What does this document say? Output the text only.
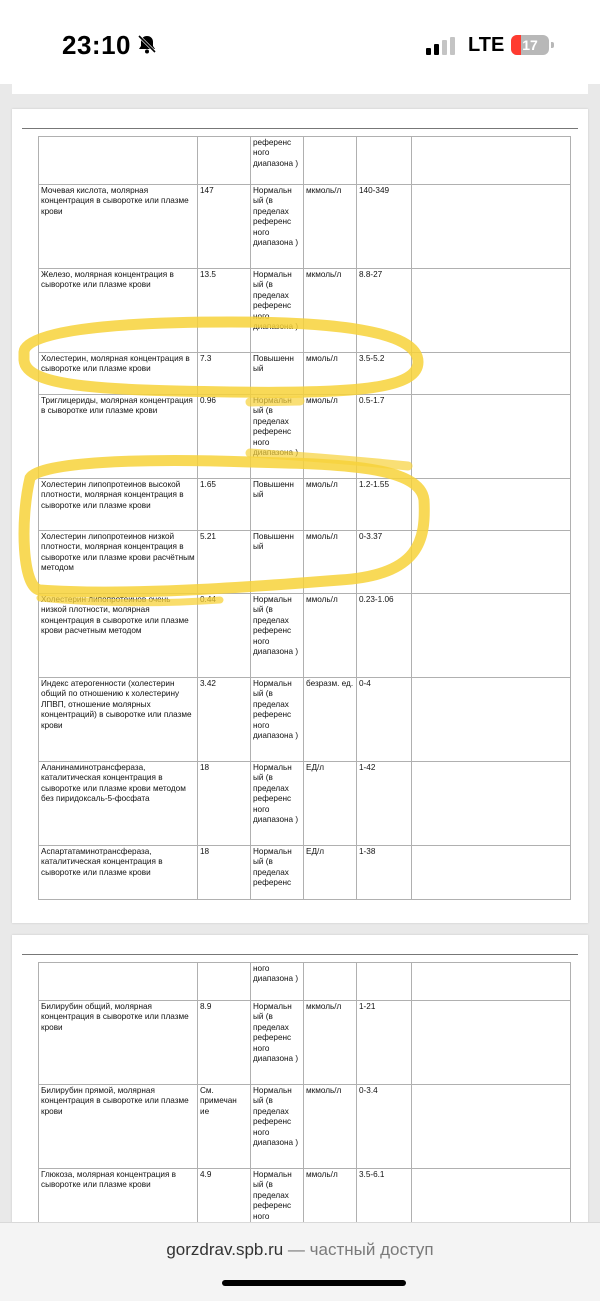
23:10	LTE	17
		референс ного диапазона )			
Мочевая кислота, молярная концентрация в сыворотке или плазме крови	147	Нормальн ый (в пределах референс ного диапазона )	мкмоль/л	140-349	
Железо, молярная концентрация в сыворотке или плазме крови	13.5	Нормальн ый (в пределах референс ного диапазона )	мкмоль/л	8.8-27	
Холестерин, молярная концентрация в сыворотке или плазме крови	7.3	Повышенн ый	ммоль/л	3.5-5.2	
Триглицериды, молярная концентрация в сыворотке или плазме крови	0.96	Нормальн ый (в пределах референс ного диапазона )	ммоль/л	0.5-1.7	
Холестерин липопротеинов высокой плотности, молярная концентрация в сыворотке или плазме крови	1.65	Повышенн ый	ммоль/л	1.2-1.55	
Холестерин липопротеинов низкой плотности, молярная концентрация в сыворотке или плазме крови расчётным методом	5.21	Повышенн ый	ммоль/л	0-3.37	
Холестерин липопротеинов очень низкой плотности, молярная концентрация в сыворотке или плазме крови расчетным методом	0.44	Нормальн ый (в пределах референс ного диапазона )	ммоль/л	0.23-1.06	
Индекс атерогенности (холестерин общий по отношению к холестерину ЛПВП, отношение молярных концентраций) в сыворотке или плазме крови	3.42	Нормальн ый (в пределах референс ного диапазона )	безразм. ед.	0-4	
Аланинаминотрансфераза, каталитическая концентрация в сыворотке или плазме крови методом без пиридоксаль-5-фосфата	18	Нормальн ый (в пределах референс ного диапазона )	ЕД/л	1-42	
Аспартатаминотрансфераза, каталитическая концентрация в сыворотке или плазме крови	18	Нормальн ый (в пределах референс	ЕД/л	1-38	
		ного диапазона )			
Билирубин общий, молярная концентрация в сыворотке или плазме крови	8.9	Нормальн ый (в пределах референс ного диапазона )	мкмоль/л	1-21	
Билирубин прямой, молярная концентрация в сыворотке или плазме крови	См. примечан ие	Нормальн ый (в пределах референс ного диапазона )	мкмоль/л	0-3.4	
Глюкоза, молярная концентрация в сыворотке или плазме крови	4.9	Нормальн ый (в пределах референс ного	ммоль/л	3.5-6.1	
gorzdrav.spb.ru — частный доступ
